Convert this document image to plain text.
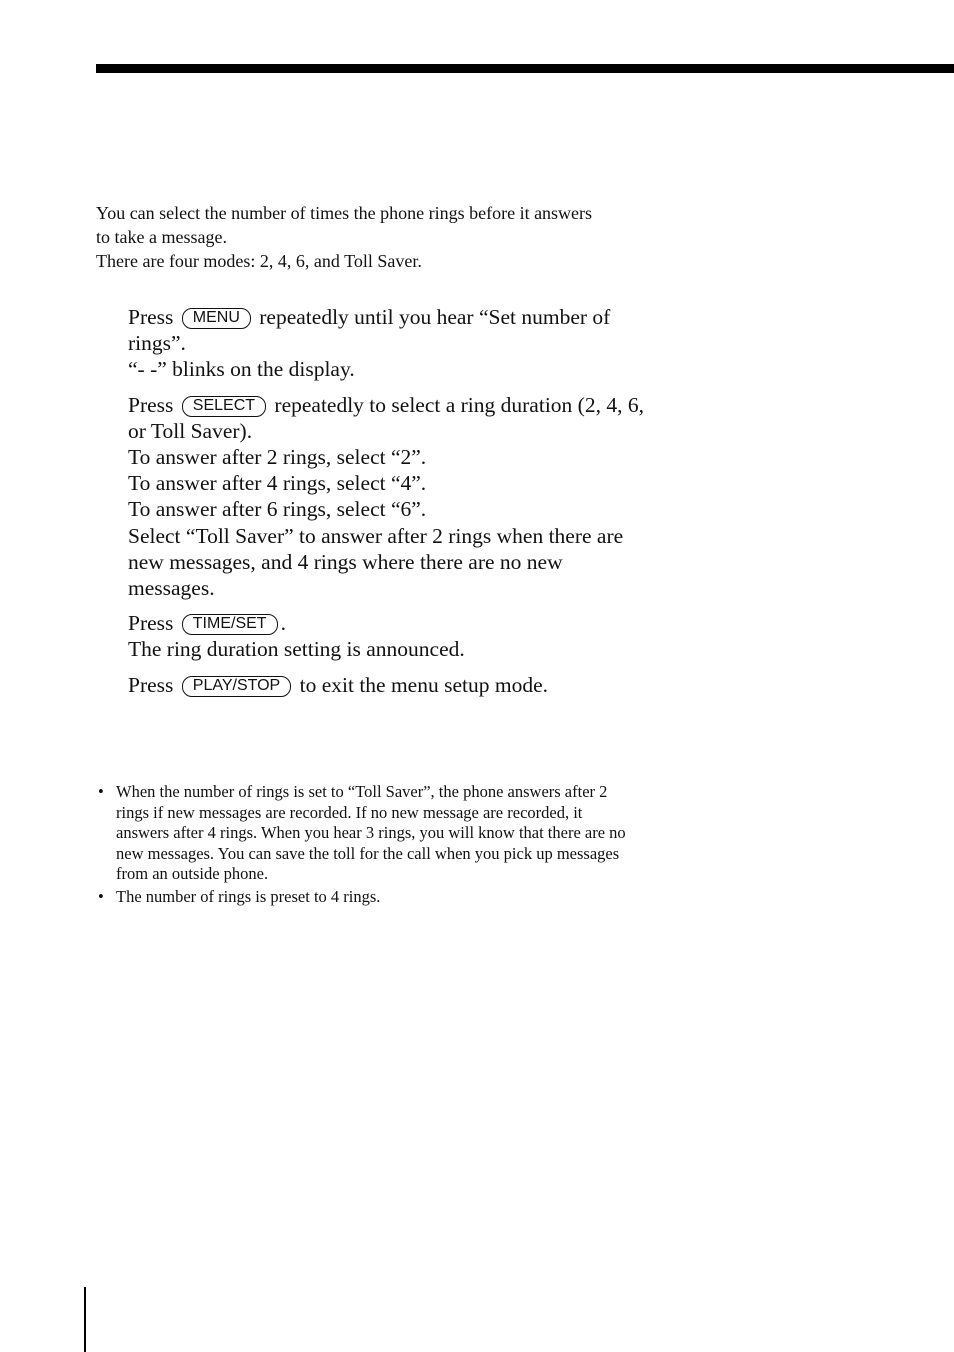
You can select the number of times the phone rings before it answers

to take a message.

There are four modes: 2, 4, 6, and Toll Saver.

Press MENU repeatedly until you hear “Set number of

rings”.

“- -” blinks on the display.

Press SELECT repeatedly to select a ring duration (2, 4, 6,

or Toll Saver).

To answer after 2 rings, select “2”.

To answer after 4 rings, select “4”.

To answer after 6 rings, select “6”.

Select “Toll Saver” to answer after 2 rings when there are

new messages, and 4 rings where there are no new

messages.

Press TIME/SET .

The ring duration setting is announced.

Press PLAY/STOP to exit the menu setup mode.

• When the number of rings is set to “Toll Saver”, the phone answers after 2
rings if new messages are recorded. If no new message are recorded, it
answers after 4 rings. When you hear 3 rings, you will know that there are no
new messages. You can save the toll for the call when you pick up messages
from an outside phone.
• The number of rings is preset to 4 rings.
